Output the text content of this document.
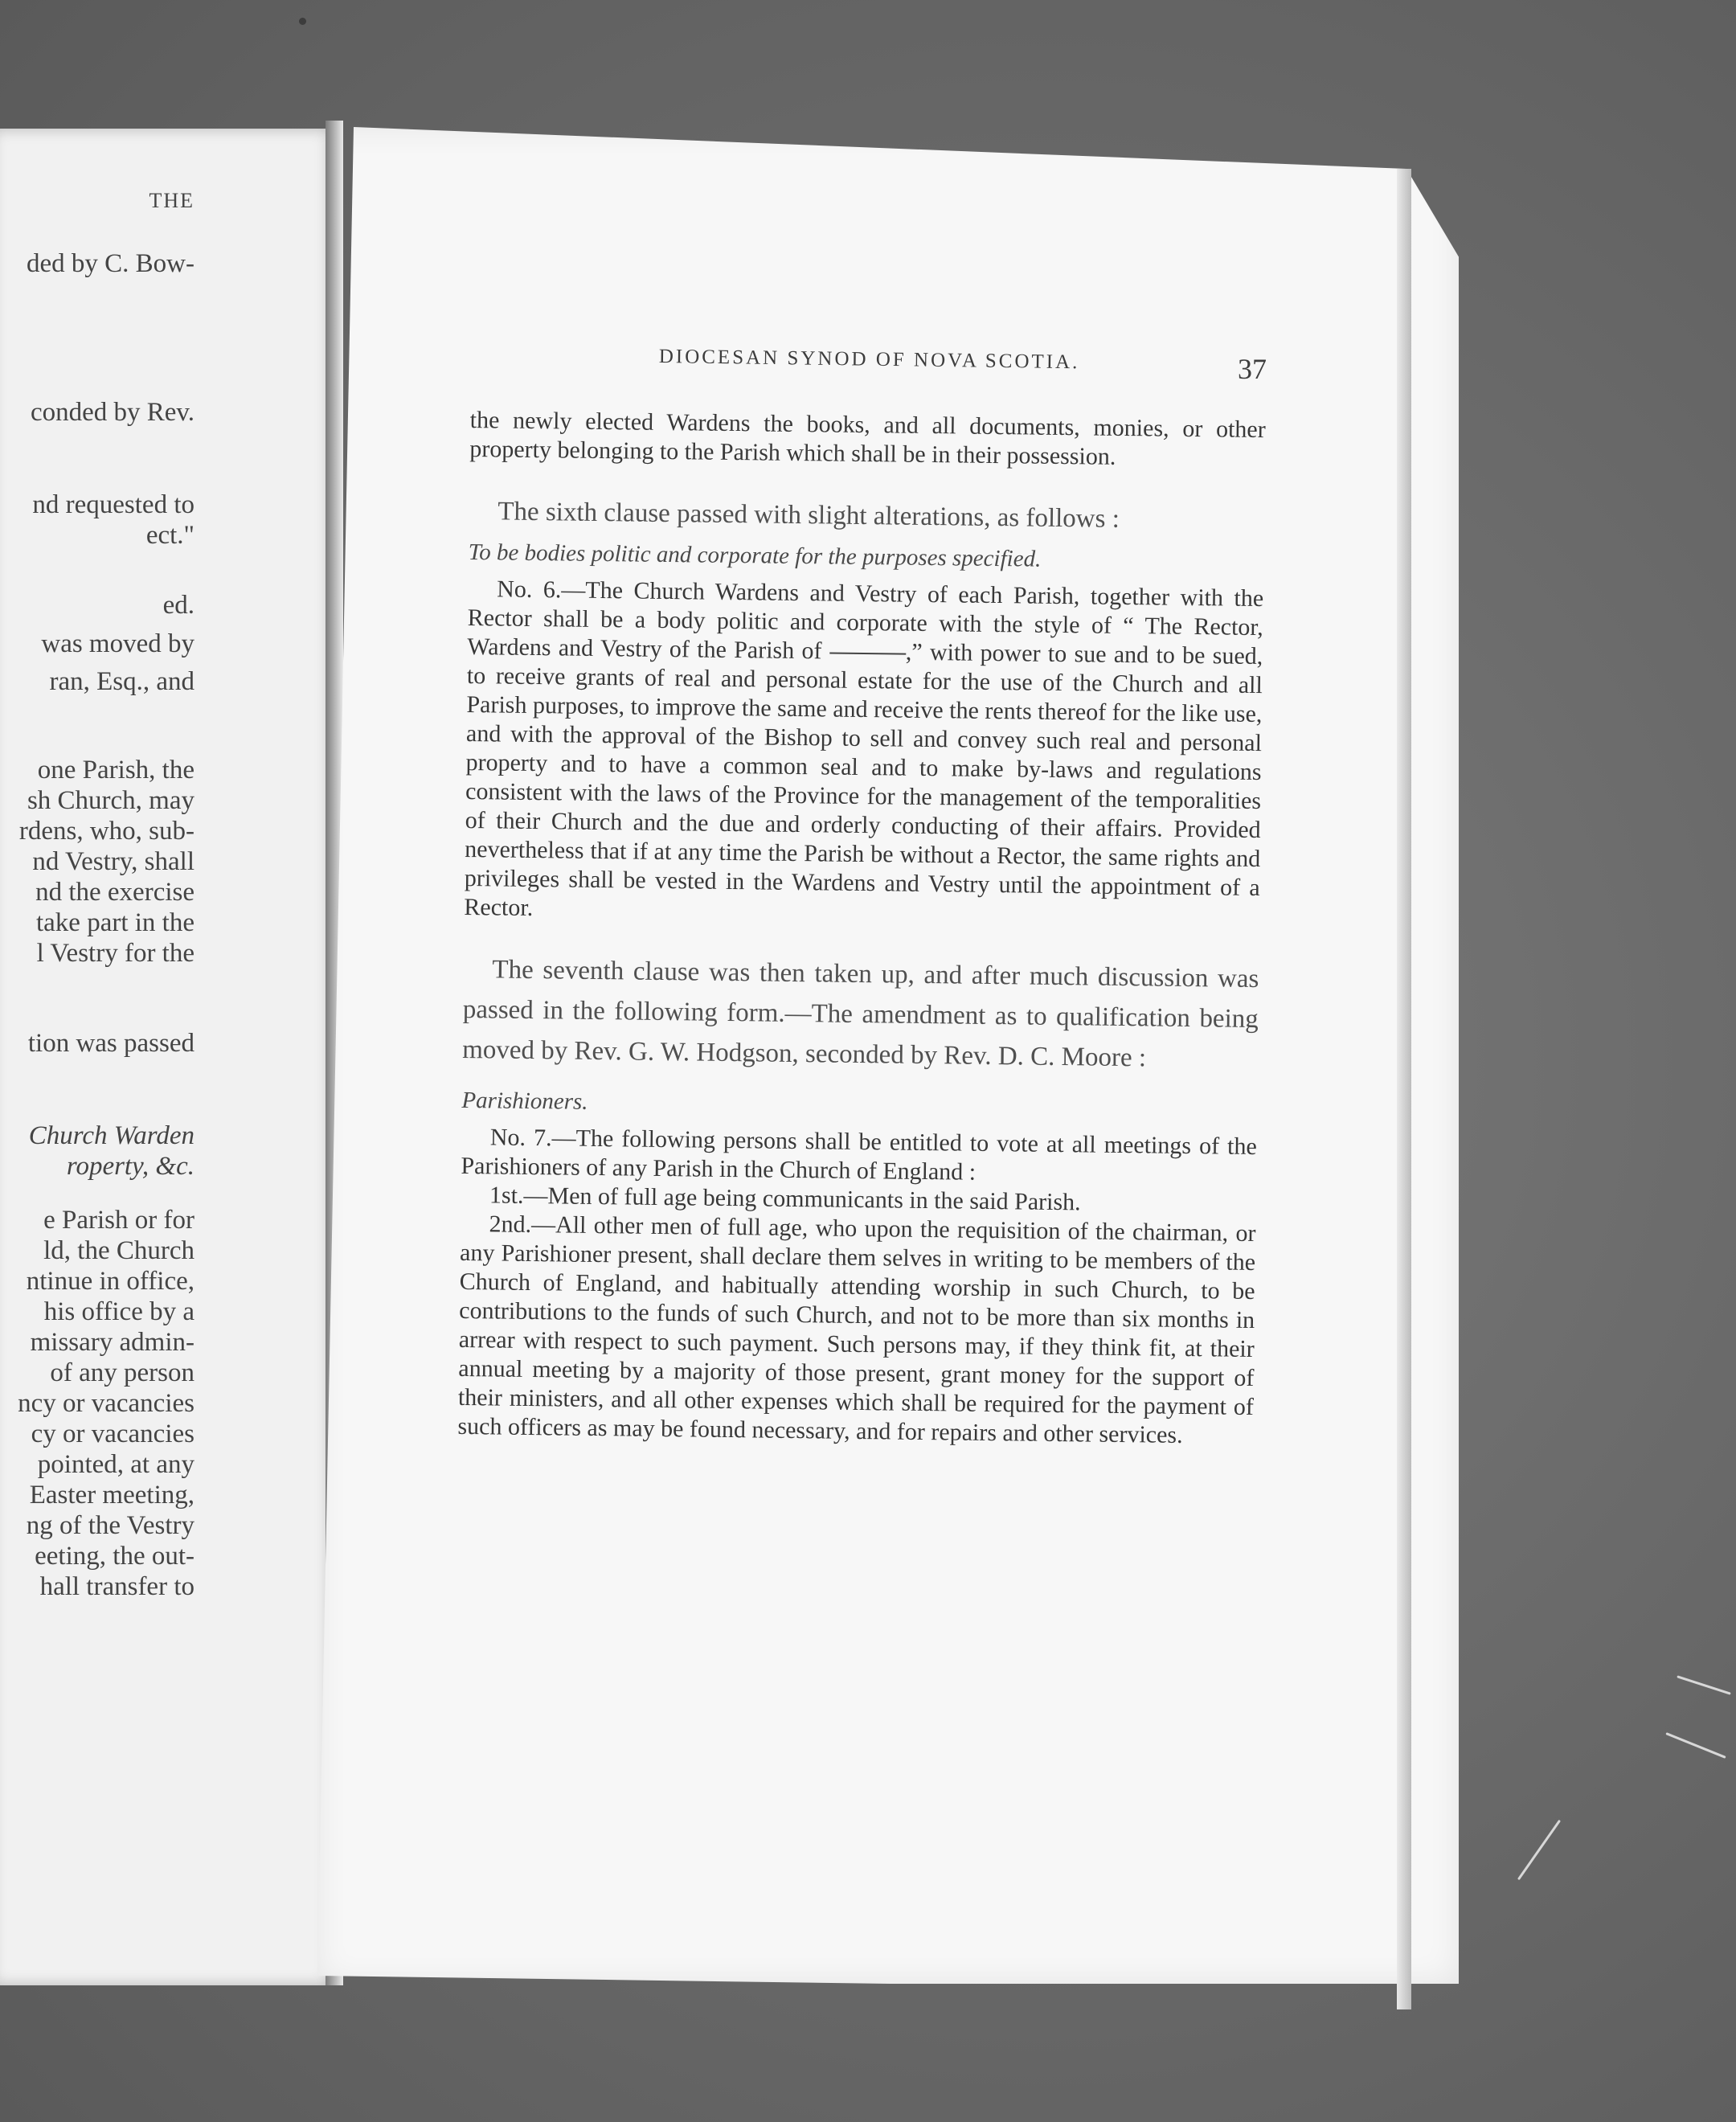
THE
ded by C. Bow-
conded by Rev.
nd requested to
ect."
ed.
was moved by
ran, Esq., and
one Parish, the
sh Church, may
rdens, who, sub-
nd Vestry, shall
nd the exercise
take part in the
l Vestry for the
tion was passed
Church Warden
roperty, &c.
e Parish or for
ld, the Church
ntinue in office,
his office by a
missary admin-
of any person
ncy or vacancies
cy or vacancies
pointed, at any
Easter meeting,
ng of the Vestry
eeting, the out-
hall transfer to
DIOCESAN SYNOD OF NOVA SCOTIA.	37

the newly elected Wardens the books, and all documents, monies, or other property belonging to the Parish which shall be in their possession.

The sixth clause passed with slight alterations, as follows :

To be bodies politic and corporate for the purposes specified.

No. 6.—The Church Wardens and Vestry of each Parish, together with the Rector shall be a body politic and corporate with the style of “ The Rector, Wardens and Vestry of the Parish of	,” with power to sue and to be sued, to receive grants of real and personal estate for the use of the Church and all Parish purposes, to improve the same and receive the rents thereof for the like use, and with the approval of the Bishop to sell and convey such real and personal property and to have a common seal and to make by-laws and regulations consistent with the laws of the Province for the management of the temporalities of their Church and the due and orderly conducting of their affairs. Provided nevertheless that if at any time the Parish be without a Rector, the same rights and privileges shall be vested in the Wardens and Vestry until the appointment of a Rector.

The seventh clause was then taken up, and after much discussion was passed in the following form.—The amendment as to qualification being moved by Rev. G. W. Hodgson, seconded by Rev. D. C. Moore :

Parishioners.

No. 7.—The following persons shall be entitled to vote at all meetings of the Parishioners of any Parish in the Church of England :

1st.—Men of full age being communicants in the said Parish.

2nd.—All other men of full age, who upon the requisition of the chairman, or any Parishioner present, shall declare them selves in writing to be members of the Church of England, and habitually attending worship in such Church, to be contributions to the funds of such Church, and not to be more than six months in arrear with respect to such payment. Such persons may, if they think fit, at their annual meeting by a majority of those present, grant money for the support of their ministers, and all other expenses which shall be required for the payment of such officers as may be found necessary, and for repairs and other services.
